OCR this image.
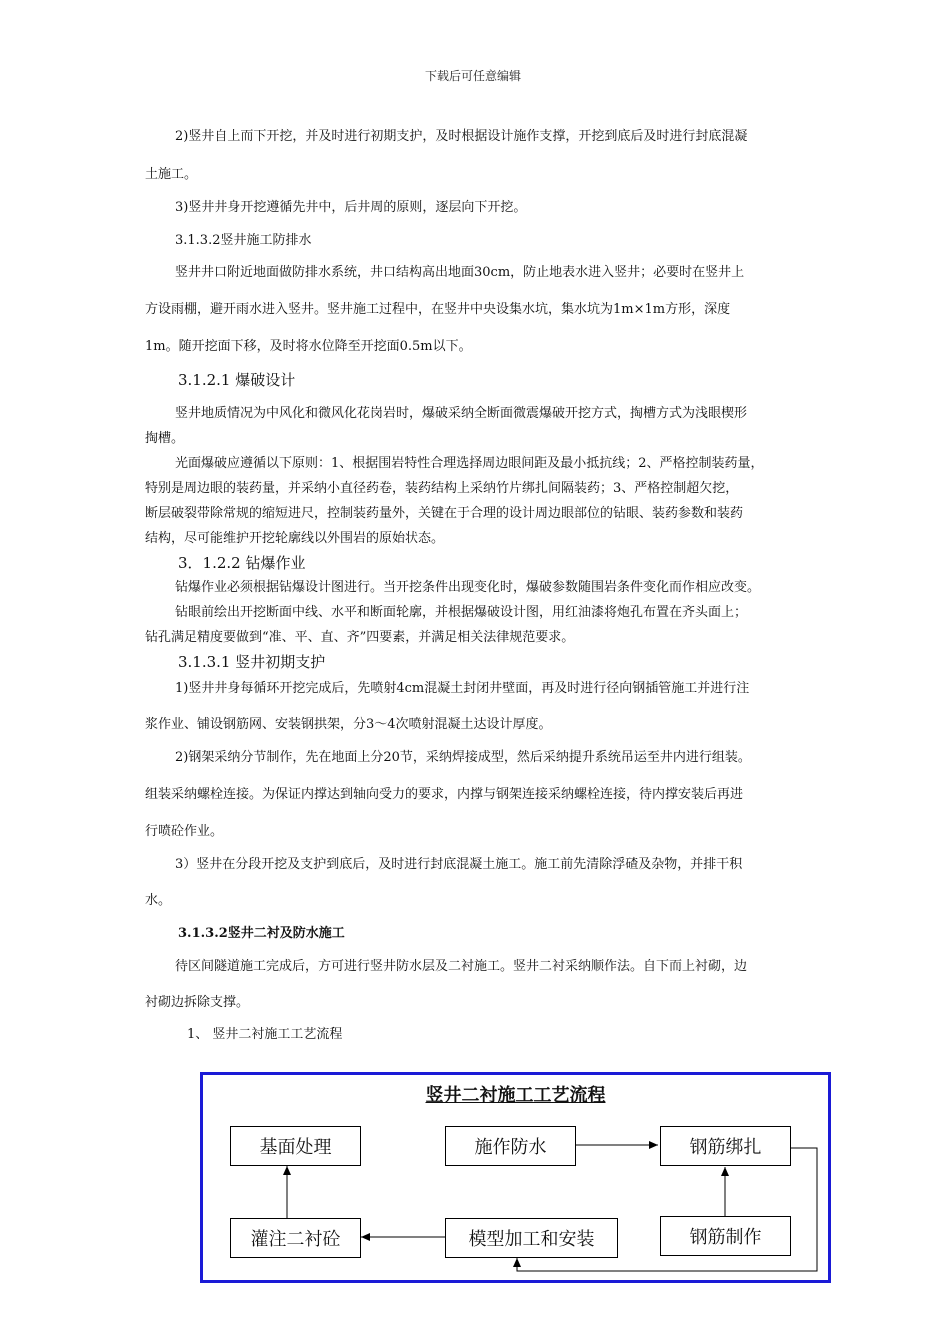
下载后可任意编辑
2)竖井自上而下开挖，并及时进行初期支护，及时根据设计施作支撑，开挖到底后及时进行封底混凝
土施工。
3)竖井井身开挖遵循先井中，后井周的原则，逐层向下开挖。
3.1.3.2竖井施工防排水
竖井井口附近地面做防排水系统，井口结构高出地面30cm，防止地表水进入竖井；必要时在竖井上
方设雨棚，避开雨水进入竖井。竖井施工过程中，在竖井中央设集水坑，集水坑为1m×1m方形，深度
1m。随开挖面下移，及时将水位降至开挖面0.5m以下。
3.1.2.1 爆破设计
竖井地质情况为中风化和微风化花岗岩时，爆破采纳全断面微震爆破开挖方式，掏槽方式为浅眼楔形
掏槽。
光面爆破应遵循以下原则：1、根据围岩特性合理选择周边眼间距及最小抵抗线；2、严格控制装药量，
特别是周边眼的装药量，并采纳小直径药卷，装药结构上采纳竹片绑扎间隔装药；3、严格控制超欠挖，
断层破裂带除常规的缩短进尺，控制装药量外，关键在于合理的设计周边眼部位的钻眼、装药参数和装药
结构，尽可能维护开挖轮廓线以外围岩的原始状态。
3．1.2.2 钻爆作业
钻爆作业必须根据钻爆设计图进行。当开挖条件出现变化时，爆破参数随围岩条件变化而作相应改变。
钻眼前绘出开挖断面中线、水平和断面轮廓，并根据爆破设计图，用红油漆将炮孔布置在齐头面上；
钻孔满足精度要做到“准、平、直、齐”四要素，并满足相关法律规范要求。
3.1.3.1 竖井初期支护
1)竖井井身每循环开挖完成后，先喷射4cm混凝土封闭井壁面，再及时进行径向钢插管施工并进行注
浆作业、铺设钢筋网、安装钢拱架，分3～4次喷射混凝土达设计厚度。
2)钢架采纳分节制作，先在地面上分20节，采纳焊接成型，然后采纳提升系统吊运至井内进行组装。
组装采纳螺栓连接。为保证内撑达到轴向受力的要求，内撑与钢架连接采纳螺栓连接，待内撑安装后再进
行喷砼作业。
3）竖井在分段开挖及支护到底后，及时进行封底混凝土施工。施工前先清除浮碴及杂物，并排干积
水。
3.1.3.2竖井二衬及防水施工
待区间隧道施工完成后，方可进行竖井防水层及二衬施工。竖井二衬采纳顺作法。自下而上衬砌，边
衬砌边拆除支撑。
1、 竖井二衬施工工艺流程
竖井二衬施工工艺流程
基面处理	施作防水	钢筋绑扎
灌注二衬砼	模型加工和安装	钢筋制作
